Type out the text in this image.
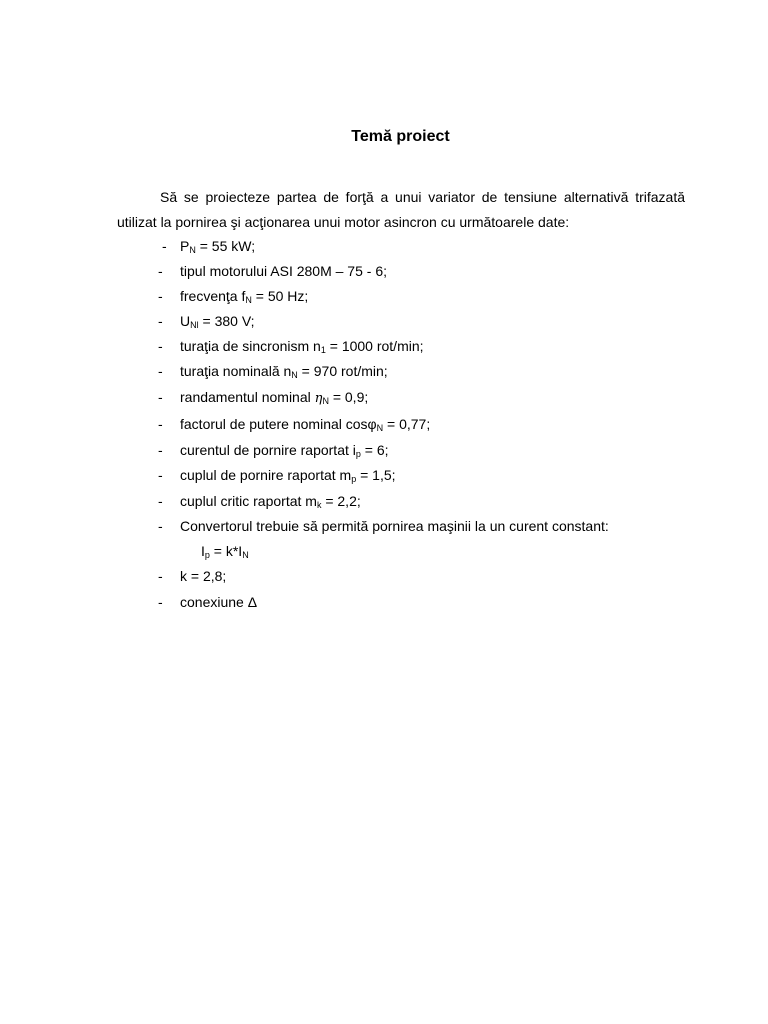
Temă proiect
Să se proiecteze partea de forţă a unui variator de tensiune alternativă trifazată utilizat la pornirea şi acţionarea unui motor asincron cu următoarele date:
- $P_N = 55$ kW;
- tipul motorului ASI 280M – 75 - 6;
- frecvenţa $f_N = 50$ Hz;
- $U_{Nl} = 380$ V;
- turaţia de sincronism $n_1 = 1000$ rot/min;
- turaţia nominală $n_N = 970$ rot/min;
- randamentul nominal $\eta_N = 0,9$;
- factorul de putere nominal cosφ$_N$ = 0,77;
- curentul de pornire raportat $i_p = 6$;
- cuplul de pornire raportat $m_p = 1,5$;
- cuplul critic raportat $m_k = 2,2$;
- Convertorul trebuie să permită pornirea maşinii la un curent constant:
$I_p = k*I_N$
- k = 2,8;
- conexiune Δ
